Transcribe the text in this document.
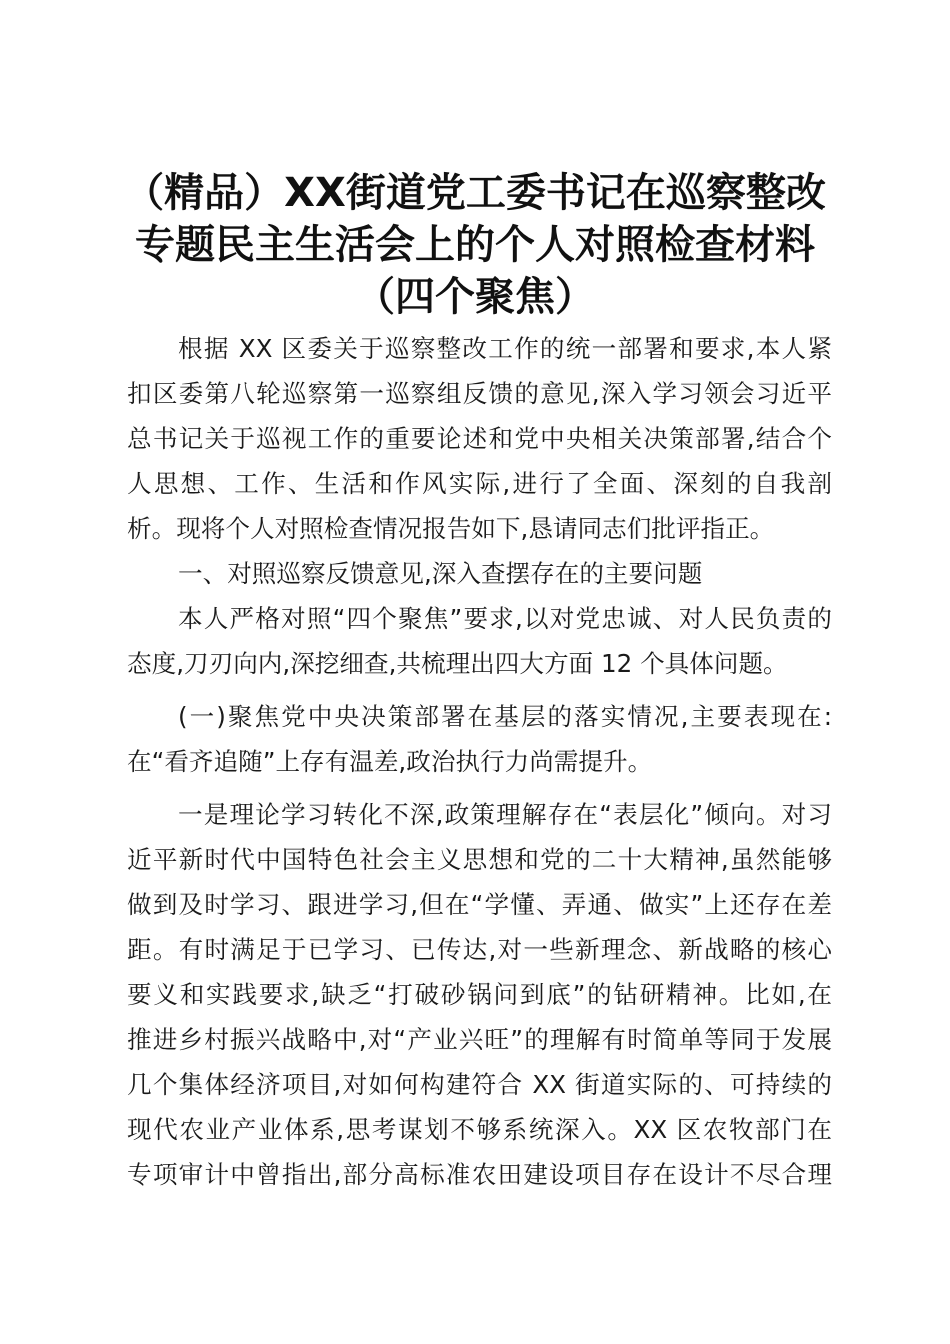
（精品）XX街道党工委书记在巡察整改
专题民主生活会上的个人对照检查材料
（四个聚焦）
根据 XX 区委关于巡察整改工作的统一部署和要求,本人紧
扣区委第八轮巡察第一巡察组反馈的意见,深入学习领会习近平
总书记关于巡视工作的重要论述和党中央相关决策部署,结合个
人思想、工作、生活和作风实际,进行了全面、深刻的自我剖
析。现将个人对照检查情况报告如下,恳请同志们批评指正。
一、对照巡察反馈意见,深入查摆存在的主要问题
本人严格对照“四个聚焦”要求,以对党忠诚、对人民负责的
态度,刀刃向内,深挖细查,共梳理出四大方面 12 个具体问题。
(一)聚焦党中央决策部署在基层的落实情况,主要表现在:
在“看齐追随”上存有温差,政治执行力尚需提升。
一是理论学习转化不深,政策理解存在“表层化”倾向。对习
近平新时代中国特色社会主义思想和党的二十大精神,虽然能够
做到及时学习、跟进学习,但在“学懂、弄通、做实”上还存在差
距。有时满足于已学习、已传达,对一些新理念、新战略的核心
要义和实践要求,缺乏“打破砂锅问到底”的钻研精神。比如,在
推进乡村振兴战略中,对“产业兴旺”的理解有时简单等同于发展
几个集体经济项目,对如何构建符合 XX 街道实际的、可持续的
现代农业产业体系,思考谋划不够系统深入。XX 区农牧部门在
专项审计中曾指出,部分高标准农田建设项目存在设计不尽合理
